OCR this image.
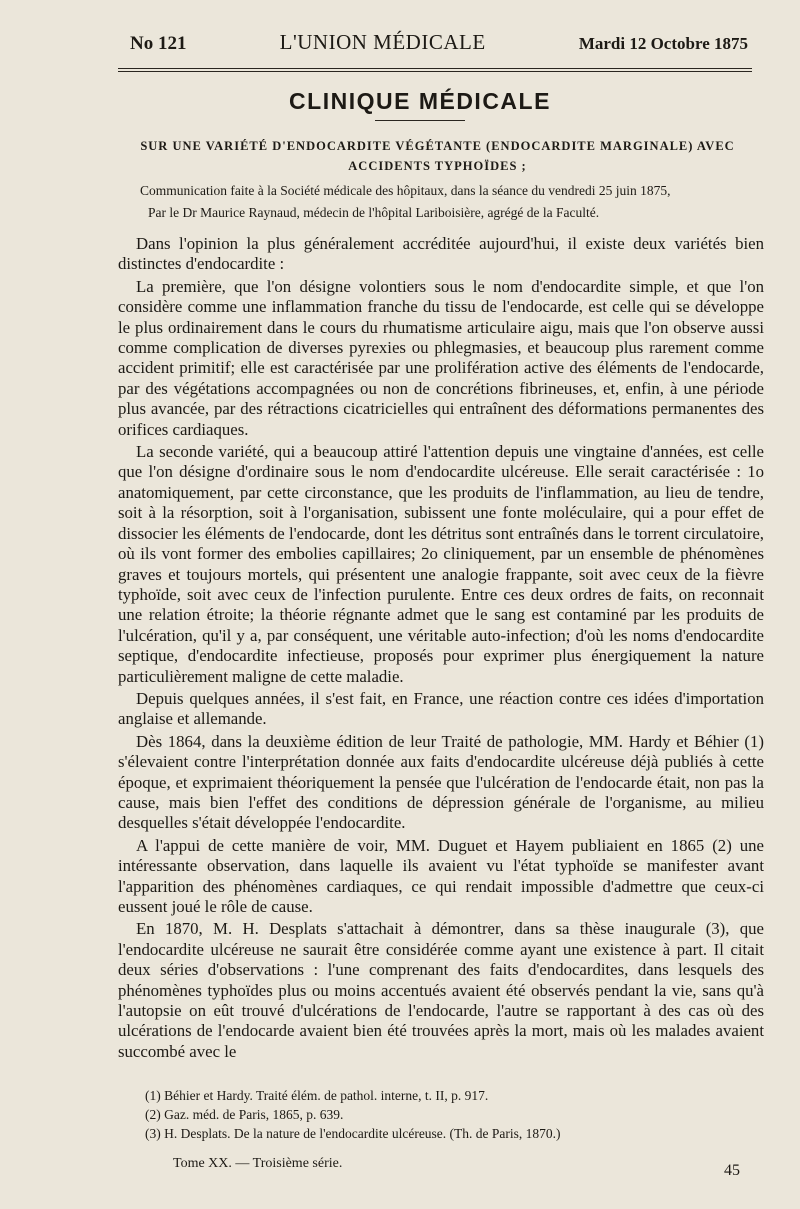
No 121	L'UNION MÉDICALE	Mardi 12 Octobre 1875
CLINIQUE MÉDICALE
SUR UNE VARIÉTÉ D'ENDOCARDITE VÉGÉTANTE (ENDOCARDITE MARGINALE) AVEC
ACCIDENTS TYPHOÏDES ;
Communication faite à la Société médicale des hôpitaux, dans la séance du vendredi 25 juin 1875,
Par le Dr Maurice Raynaud, médecin de l'hôpital Lariboisière, agrégé de la Faculté.

Dans l'opinion la plus généralement accréditée aujourd'hui, il existe deux variétés bien distinctes d'endocardite :

La première, que l'on désigne volontiers sous le nom d'endocardite simple, et que l'on considère comme une inflammation franche du tissu de l'endocarde, est celle qui se développe le plus ordinairement dans le cours du rhumatisme articulaire aigu, mais que l'on observe aussi comme complication de diverses pyrexies ou phlegmasies, et beaucoup plus rarement comme accident primitif; elle est caractérisée par une prolifération active des éléments de l'endocarde, par des végétations accompagnées ou non de concrétions fibrineuses, et, enfin, à une période plus avancée, par des rétractions cicatricielles qui entraînent des déformations permanentes des orifices cardiaques.

La seconde variété, qui a beaucoup attiré l'attention depuis une vingtaine d'années, est celle que l'on désigne d'ordinaire sous le nom d'endocardite ulcéreuse. Elle serait caractérisée : 1o anatomiquement, par cette circonstance, que les produits de l'inflammation, au lieu de tendre, soit à la résorption, soit à l'organisation, subissent une fonte moléculaire, qui a pour effet de dissocier les éléments de l'endocarde, dont les détritus sont entraînés dans le torrent circulatoire, où ils vont former des embolies capillaires; 2o cliniquement, par un ensemble de phénomènes graves et toujours mortels, qui présentent une analogie frappante, soit avec ceux de la fièvre typhoïde, soit avec ceux de l'infection purulente. Entre ces deux ordres de faits, on reconnait une relation étroite; la théorie régnante admet que le sang est contaminé par les produits de l'ulcération, qu'il y a, par conséquent, une véritable auto-infection; d'où les noms d'endocardite septique, d'endocardite infectieuse, proposés pour exprimer plus énergiquement la nature particulièrement maligne de cette maladie.

Depuis quelques années, il s'est fait, en France, une réaction contre ces idées d'importation anglaise et allemande.

Dès 1864, dans la deuxième édition de leur Traité de pathologie, MM. Hardy et Béhier (1) s'élevaient contre l'interprétation donnée aux faits d'endocardite ulcéreuse déjà publiés à cette époque, et exprimaient théoriquement la pensée que l'ulcération de l'endocarde était, non pas la cause, mais bien l'effet des conditions de dépression générale de l'organisme, au milieu desquelles s'était développée l'endocardite.

A l'appui de cette manière de voir, MM. Duguet et Hayem publiaient en 1865 (2) une intéressante observation, dans laquelle ils avaient vu l'état typhoïde se manifester avant l'apparition des phénomènes cardiaques, ce qui rendait impossible d'admettre que ceux-ci eussent joué le rôle de cause.

En 1870, M. H. Desplats s'attachait à démontrer, dans sa thèse inaugurale (3), que l'endocardite ulcéreuse ne saurait être considérée comme ayant une existence à part. Il citait deux séries d'observations : l'une comprenant des faits d'endocardites, dans lesquels des phénomènes typhoïdes plus ou moins accentués avaient été observés pendant la vie, sans qu'à l'autopsie on eût trouvé d'ulcérations de l'endocarde, l'autre se rapportant à des cas où des ulcérations de l'endocarde avaient bien été trouvées après la mort, mais où les malades avaient succombé avec le

(1) Béhier et Hardy. Traité élém. de pathol. interne, t. II, p. 917.
(2) Gaz. méd. de Paris, 1865, p. 639.
(3) H. Desplats. De la nature de l'endocardite ulcéreuse. (Th. de Paris, 1870.)
Tome XX. — Troisième série.	45
